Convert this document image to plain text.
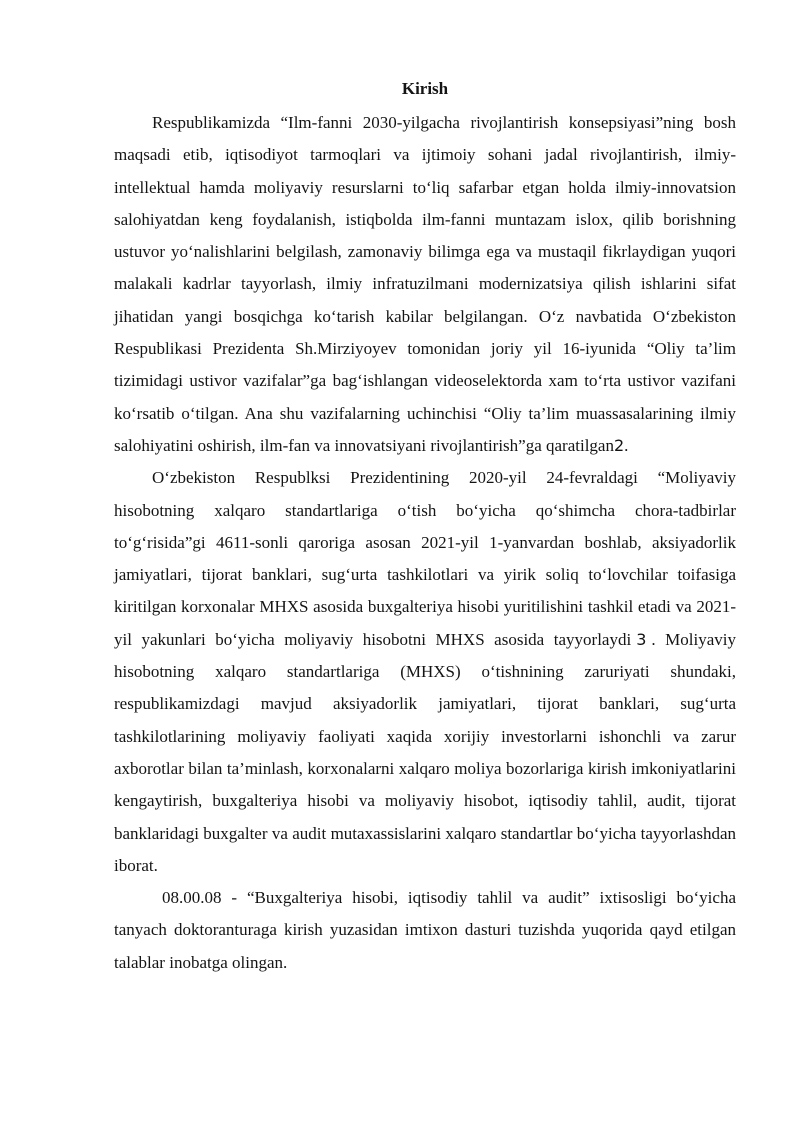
Kirish

Respublikamizda “Ilm-fanni 2030-yilgacha rivojlantirish konsepsiyasi”ning bosh maqsadi etib, iqtisodiyot tarmoqlari va ijtimoiy sohani jadal rivojlantirish, ilmiy-intellektual hamda moliyaviy resurslarni to‘liq safarbar etgan holda ilmiy-innovatsion salohiyatdan keng foydalanish, istiqbolda ilm-fanni muntazam islox, qilib borishning ustuvor yo‘nalishlarini belgilash, zamonaviy bilimga ega va mustaqil fikrlaydigan yuqori malakali kadrlar tayyorlash, ilmiy infratuzilmani modernizatsiya qilish ishlarini sifat jihatidan yangi bosqichga ko‘tarish kabilar belgilangan. O‘z navbatida O‘zbekiston Respublikasi Prezidenta Sh.Mirziyoyev tomonidan joriy yil 16-iyunida “Oliy ta’lim tizimidagi ustivor vazifalar”ga bag‘ishlangan videoselektorda xam to‘rta ustivor vazifani ko‘rsatib o‘tilgan. Ana shu vazifalarning uchinchisi “Oliy ta’lim muassasalarining ilmiy salohiyatini oshirish, ilm-fan va innovatsiyani rivojlantirish”ga qaratilgan2.

O‘zbekiston Respublksi Prezidentining 2020-yil 24-fevraldagi “Moliyaviy hisobotning xalqaro standartlariga o‘tish bo‘yicha qo‘shimcha chora-tadbirlar to‘g‘risida”gi 4611-sonli qaroriga asosan 2021-yil 1-yanvardan boshlab, aksiyadorlik jamiyatlari, tijorat banklari, sug‘urta tashkilotlari va yirik soliq to‘lovchilar toifasiga kiritilgan korxonalar MHXS asosida buxgalteriya hisobi yuritilishini tashkil etadi va 2021-yil yakunlari bo‘yicha moliyaviy hisobotni MHXS asosida tayyorlaydi 3 . Moliyaviy hisobotning xalqaro standartlariga (MHXS) o‘tishnining zaruriyati shundaki, respublikamizdagi mavjud aksiyadorlik jamiyatlari, tijorat banklari, sug‘urta tashkilotlarining moliyaviy faoliyati xaqida xorijiy investorlarni ishonchli va zarur axborotlar bilan ta’minlash, korxonalarni xalqaro moliya bozorlariga kirish imkoniyatlarini kengaytirish, buxgalteriya hisobi va moliyaviy hisobot, iqtisodiy tahlil, audit, tijorat banklaridagi buxgalter va audit mutaxassislarini xalqaro standartlar bo‘yicha tayyorlashdan iborat.

08.00.08 - “Buxgalteriya hisobi, iqtisodiy tahlil va audit” ixtisosligi bo‘yicha tanyach doktoranturaga kirish yuzasidan imtixon dasturi tuzishda yuqorida qayd etilgan talablar inobatga olingan.
